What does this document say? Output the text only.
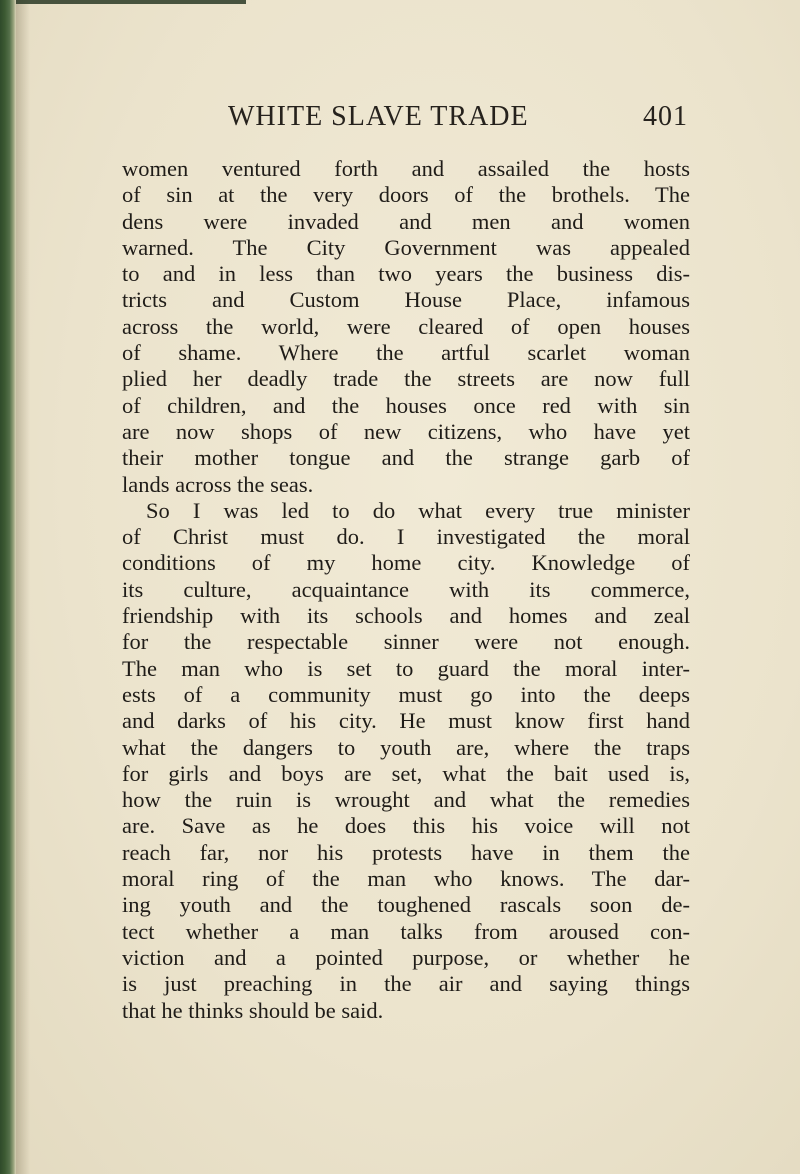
WHITE SLAVE TRADE	401
women ventured forth and assailed the hosts
of sin at the very doors of the brothels. The
dens were invaded and men and women
warned. The City Government was appealed
to and in less than two years the business dis-
tricts and Custom House Place, infamous
across the world, were cleared of open houses
of shame. Where the artful scarlet woman
plied her deadly trade the streets are now full
of children, and the houses once red with sin
are now shops of new citizens, who have yet
their mother tongue and the strange garb of
lands across the seas.
So I was led to do what every true minister
of Christ must do. I investigated the moral
conditions of my home city. Knowledge of
its culture, acquaintance with its commerce,
friendship with its schools and homes and zeal
for the respectable sinner were not enough.
The man who is set to guard the moral inter-
ests of a community must go into the deeps
and darks of his city. He must know first hand
what the dangers to youth are, where the traps
for girls and boys are set, what the bait used is,
how the ruin is wrought and what the remedies
are. Save as he does this his voice will not
reach far, nor his protests have in them the
moral ring of the man who knows. The dar-
ing youth and the toughened rascals soon de-
tect whether a man talks from aroused con-
viction and a pointed purpose, or whether he
is just preaching in the air and saying things
that he thinks should be said.
